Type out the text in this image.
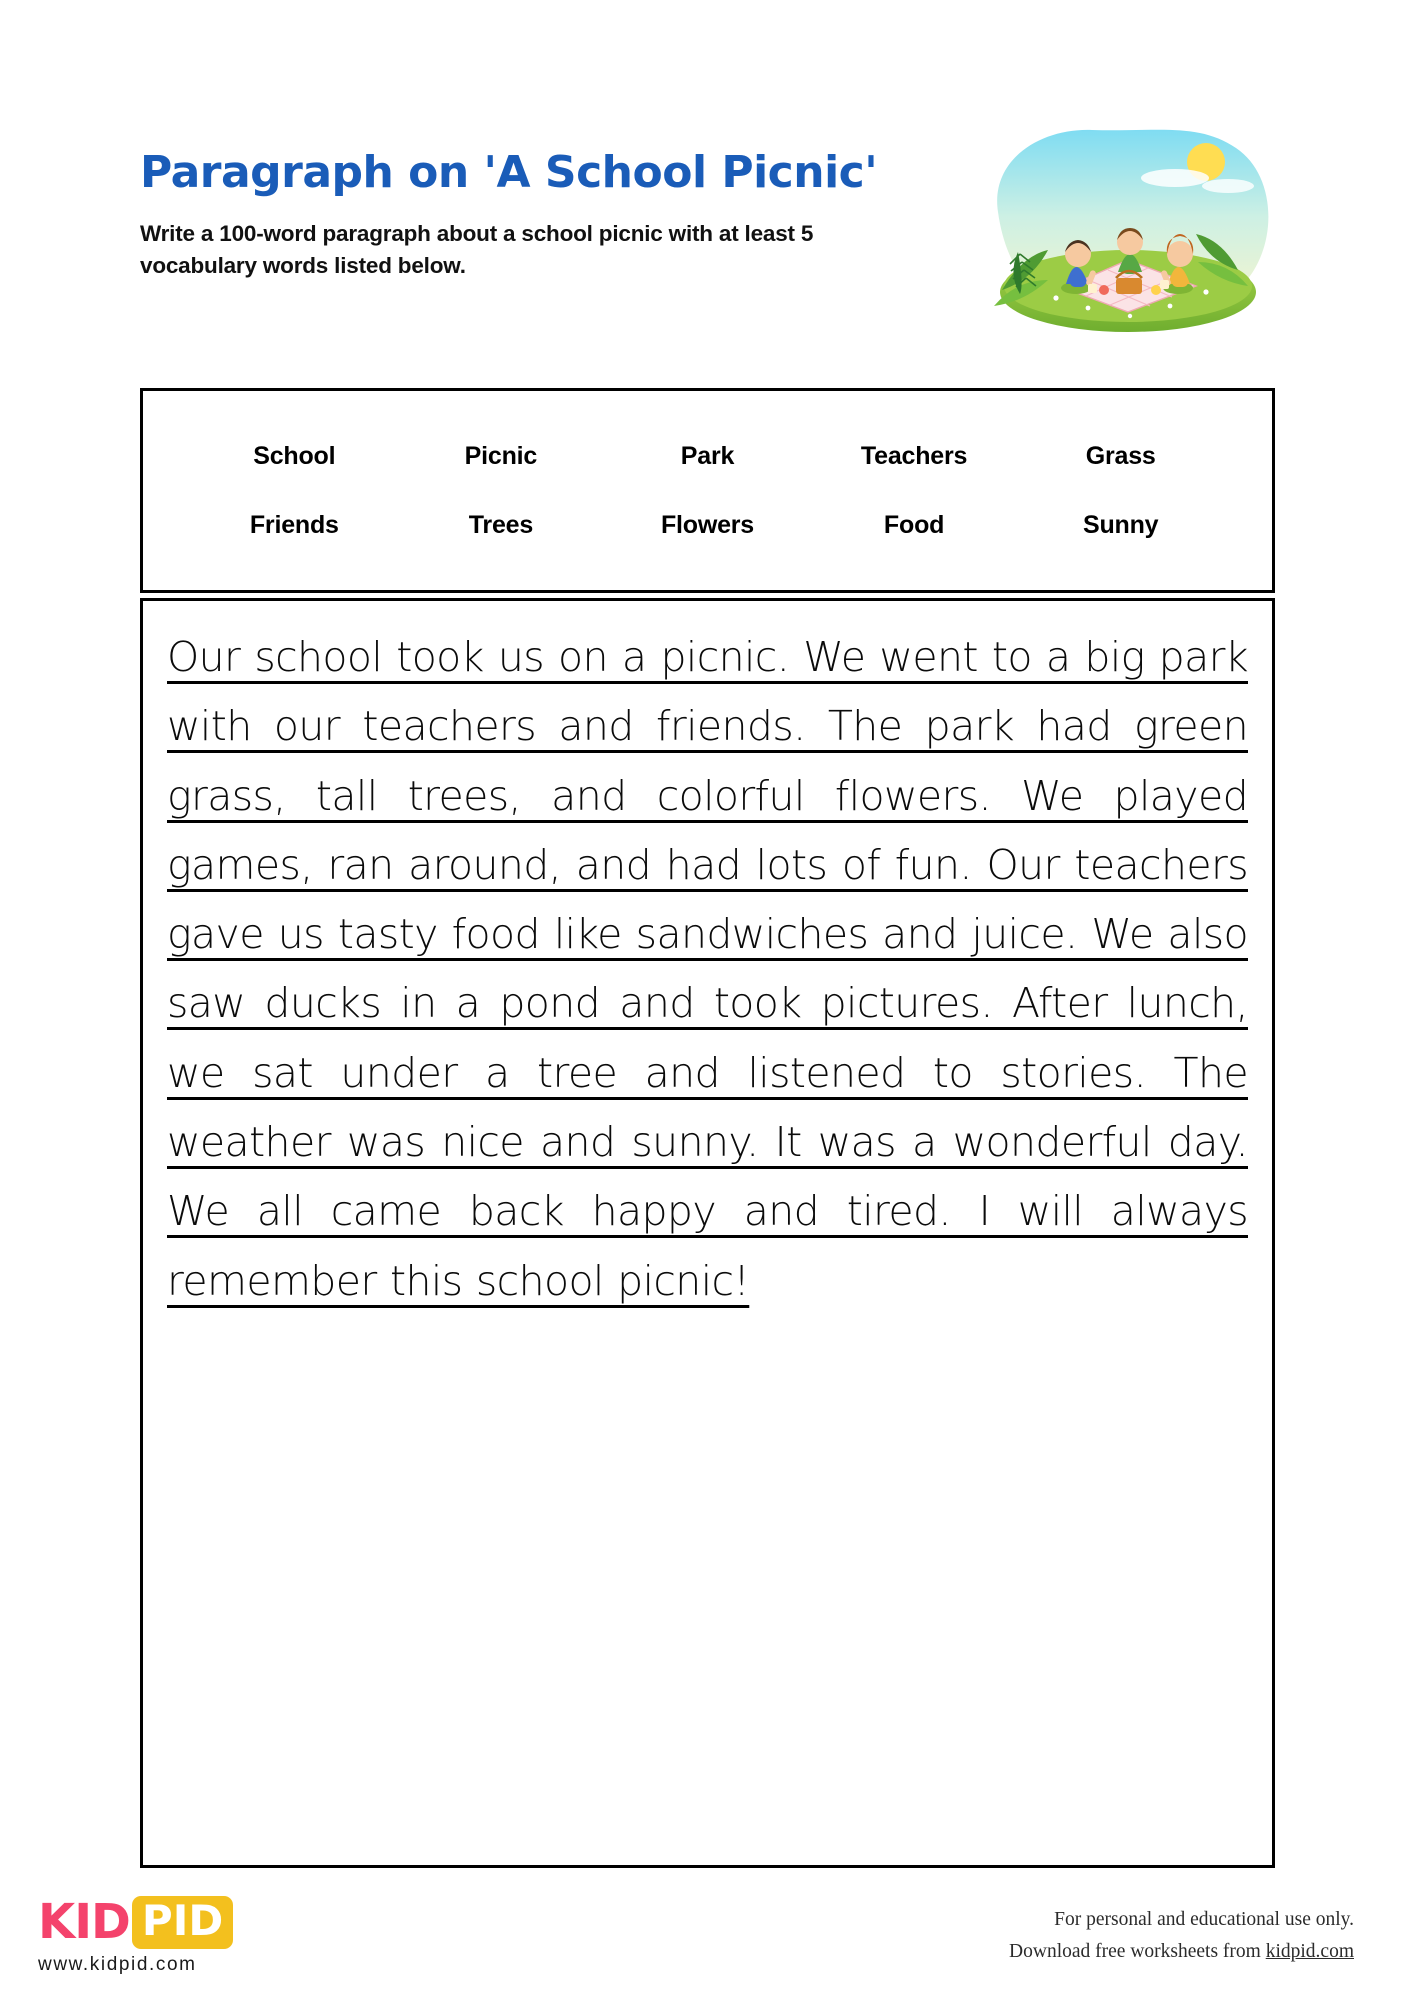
Paragraph on 'A School Picnic'
Write a 100-word paragraph about a school picnic with at least 5 vocabulary words listed below.
School	Picnic	Park	Teachers	Grass
Friends	Trees	Flowers	Food	Sunny
Our school took us on a picnic. We went to a big park with our teachers and friends. The park had green grass, tall trees, and colorful flowers. We played games, ran around, and had lots of fun. Our teachers gave us tasty food like sandwiches and juice. We also saw ducks in a pond and took pictures. After lunch, we sat under a tree and listened to stories. The weather was nice and sunny. It was a wonderful day. We all came back happy and tired. I will always remember this school picnic!
KID PID
www.kidpid.com
For personal and educational use only.
Download free worksheets from kidpid.com
